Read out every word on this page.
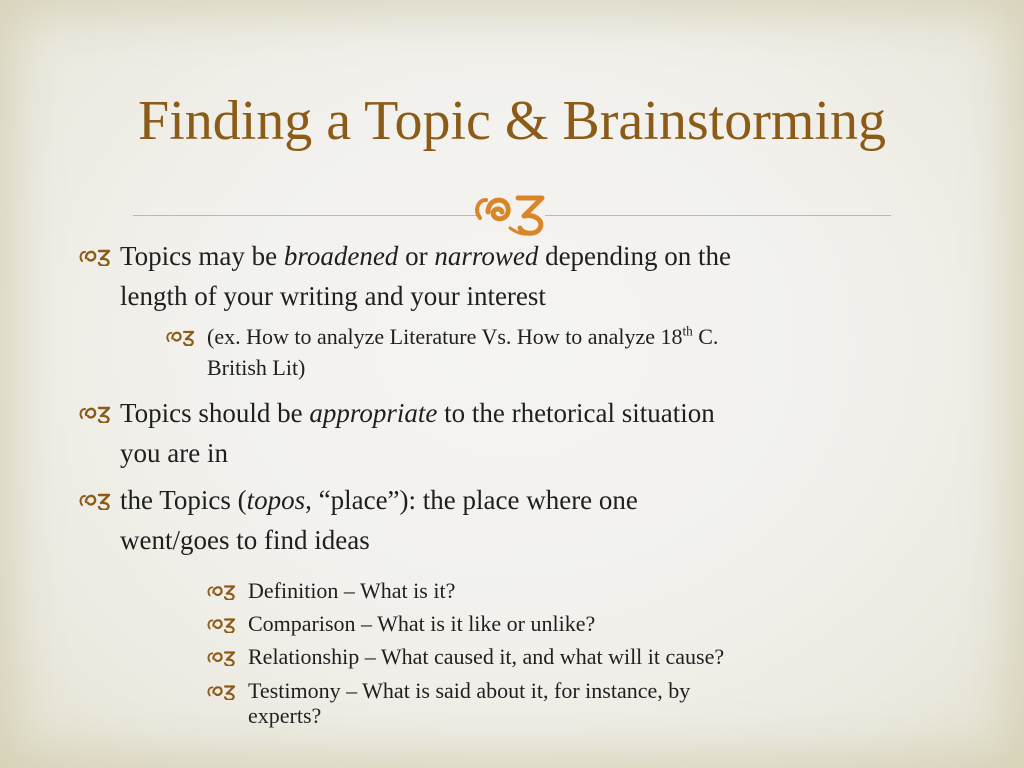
Finding a Topic & Brainstorming
Topics may be broadened or narrowed depending on the
length of your writing and your interest
(ex. How to analyze Literature Vs. How to analyze 18th C.
British Lit)
Topics should be appropriate to the rhetorical situation
you are in
the Topics (topos, “place”): the place where one
went/goes to find ideas
Definition – What is it?
Comparison – What is it like or unlike?
Relationship – What caused it, and what will it cause?
Testimony – What is said about it, for instance, by
experts?
